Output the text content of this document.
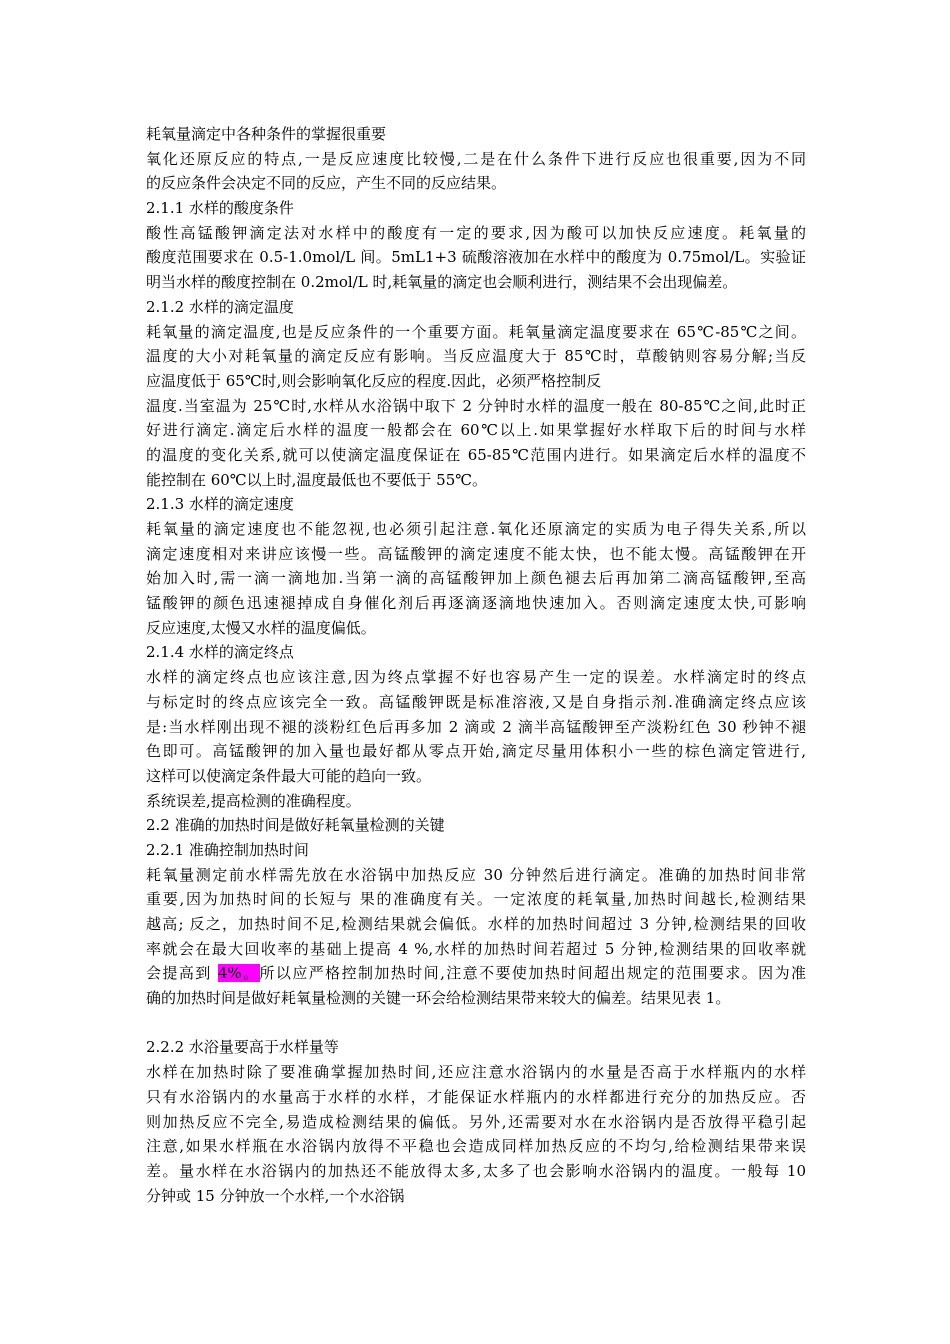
耗氧量滴定中各种条件的掌握很重要
氧化还原反应的特点,一是反应速度比较慢,二是在什么条件下进行反应也很重要,因为不同
的反应条件会决定不同的反应，产生不同的反应结果。
2.1.1 水样的酸度条件
酸性高锰酸钾滴定法对水样中的酸度有一定的要求,因为酸可以加快反应速度。耗氧量的
酸度范围要求在 0.5-1.0mol/L 间。5mL1+3 硫酸溶液加在水样中的酸度为 0.75mol/L。实验证
明当水样的酸度控制在 0.2mol/L 时,耗氧量的滴定也会顺利进行，测结果不会出现偏差。
2.1.2 水样的滴定温度
耗氧量的滴定温度,也是反应条件的一个重要方面。耗氧量滴定温度要求在 65℃-85℃之间。
温度的大小对耗氧量的滴定反应有影响。当反应温度大于 85℃时，草酸钠则容易分解;当反
应温度低于 65℃时,则会影响氧化反应的程度.因此，必须严格控制反
温度.当室温为 25℃时,水样从水浴锅中取下 2 分钟时水样的温度一般在 80-85℃之间,此时正
好进行滴定.滴定后水样的温度一般都会在 60℃以上.如果掌握好水样取下后的时间与水样
的温度的变化关系,就可以使滴定温度保证在 65-85℃范围内进行。如果滴定后水样的温度不
能控制在 60℃以上时,温度最低也不要低于 55℃。
2.1.3 水样的滴定速度
耗氧量的滴定速度也不能忽视,也必须引起注意.氧化还原滴定的实质为电子得失关系,所以
滴定速度相对来讲应该慢一些。高锰酸钾的滴定速度不能太快，也不能太慢。高锰酸钾在开
始加入时,需一滴一滴地加.当第一滴的高锰酸钾加上颜色褪去后再加第二滴高锰酸钾,至高
锰酸钾的颜色迅速褪掉成自身催化剂后再逐滴逐滴地快速加入。否则滴定速度太快,可影响
反应速度,太慢又水样的温度偏低。
2.1.4 水样的滴定终点
水样的滴定终点也应该注意,因为终点掌握不好也容易产生一定的误差。水样滴定时的终点
与标定时的终点应该完全一致。高锰酸钾既是标准溶液,又是自身指示剂.准确滴定终点应该
是:当水样刚出现不褪的淡粉红色后再多加 2 滴或 2 滴半高锰酸钾至产淡粉红色 30 秒钟不褪
色即可。高锰酸钾的加入量也最好都从零点开始,滴定尽量用体积小一些的棕色滴定管进行,
这样可以使滴定条件最大可能的趋向一致。
系统误差,提高检测的准确程度。
2.2 准确的加热时间是做好耗氧量检测的关键
2.2.1 准确控制加热时间
耗氧量测定前水样需先放在水浴锅中加热反应 30 分钟然后进行滴定。准确的加热时间非常
重要,因为加热时间的长短与 果的准确度有关。一定浓度的耗氧量,加热时间越长,检测结果
越高; 反之，加热时间不足,检测结果就会偏低。水样的加热时间超过 3 分钟,检测结果的回收
率就会在最大回收率的基础上提高 4 %,水样的加热时间若超过 5 分钟,检测结果的回收率就
会提高到 4%。所以应严格控制加热时间,注意不要使加热时间超出规定的范围要求。因为准
确的加热时间是做好耗氧量检测的关键一环会给检测结果带来较大的偏差。结果见表 1。
2.2.2 水浴量要高于水样量等
水样在加热时除了要准确掌握加热时间,还应注意水浴锅内的水量是否高于水样瓶内的水样
只有水浴锅内的水量高于水样的水样，才能保证水样瓶内的水样都进行充分的加热反应。否
则加热反应不完全,易造成检测结果的偏低。另外,还需要对水在水浴锅内是否放得平稳引起
注意,如果水样瓶在水浴锅内放得不平稳也会造成同样加热反应的不均匀,给检测结果带来误
差。量水样在水浴锅内的加热还不能放得太多,太多了也会影响水浴锅内的温度。一般每 10
分钟或 15 分钟放一个水样,一个水浴锅
